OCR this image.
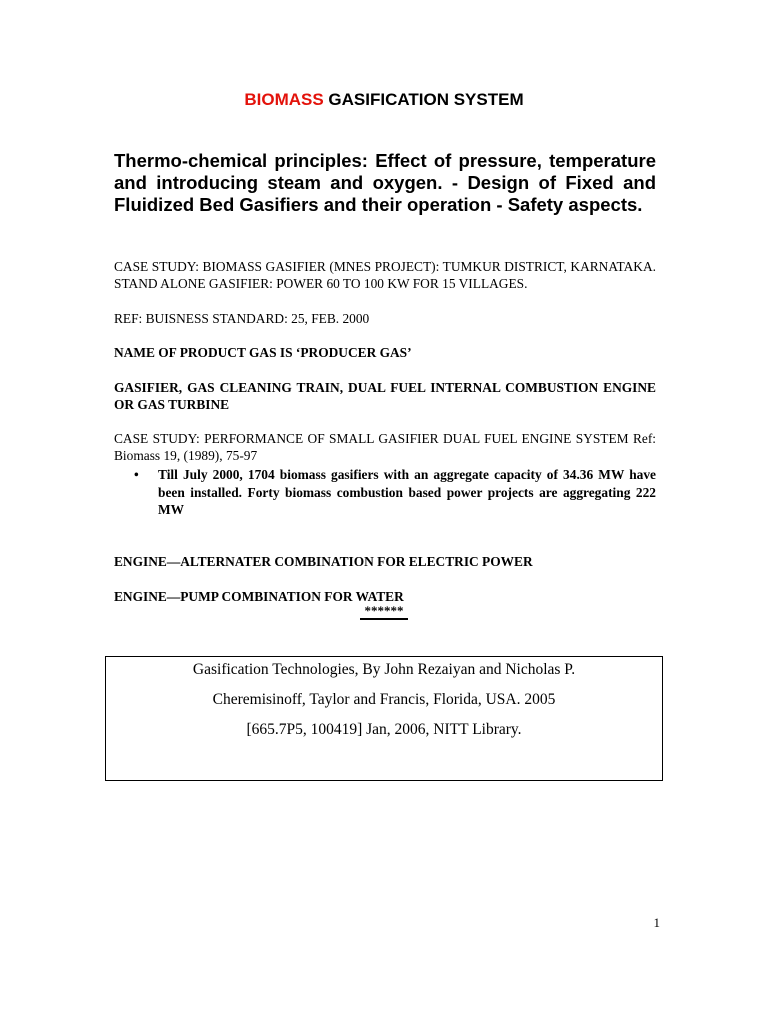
BIOMASS GASIFICATION SYSTEM
Thermo-chemical principles: Effect of pressure, temperature and introducing steam and oxygen. - Design of Fixed and Fluidized Bed Gasifiers and their operation - Safety aspects.
CASE STUDY: BIOMASS GASIFIER (MNES PROJECT): TUMKUR DISTRICT, KARNATAKA. STAND ALONE GASIFIER: POWER 60 TO 100 KW FOR 15 VILLAGES.
REF: BUISNESS STANDARD: 25, FEB. 2000
NAME OF PRODUCT GAS IS ‘PRODUCER GAS’
GASIFIER, GAS CLEANING TRAIN, DUAL FUEL INTERNAL COMBUSTION ENGINE OR GAS TURBINE
CASE STUDY: PERFORMANCE OF SMALL GASIFIER DUAL FUEL ENGINE SYSTEM Ref: Biomass 19, (1989), 75-97
• Till July 2000, 1704 biomass gasifiers with an aggregate capacity of 34.36 MW have been installed. Forty biomass combustion based power projects are aggregating 222 MW
ENGINE—ALTERNATER COMBINATION FOR ELECTRIC POWER
ENGINE—PUMP COMBINATION FOR WATER
******
Gasification Technologies, By John Rezaiyan and Nicholas P.
Cheremisinoff, Taylor and Francis, Florida, USA. 2005
[665.7P5, 100419] Jan, 2006, NITT Library.
1
